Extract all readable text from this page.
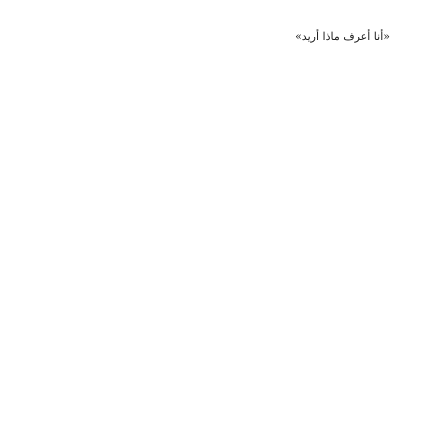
«أنا أعرف ماذا أريد»
